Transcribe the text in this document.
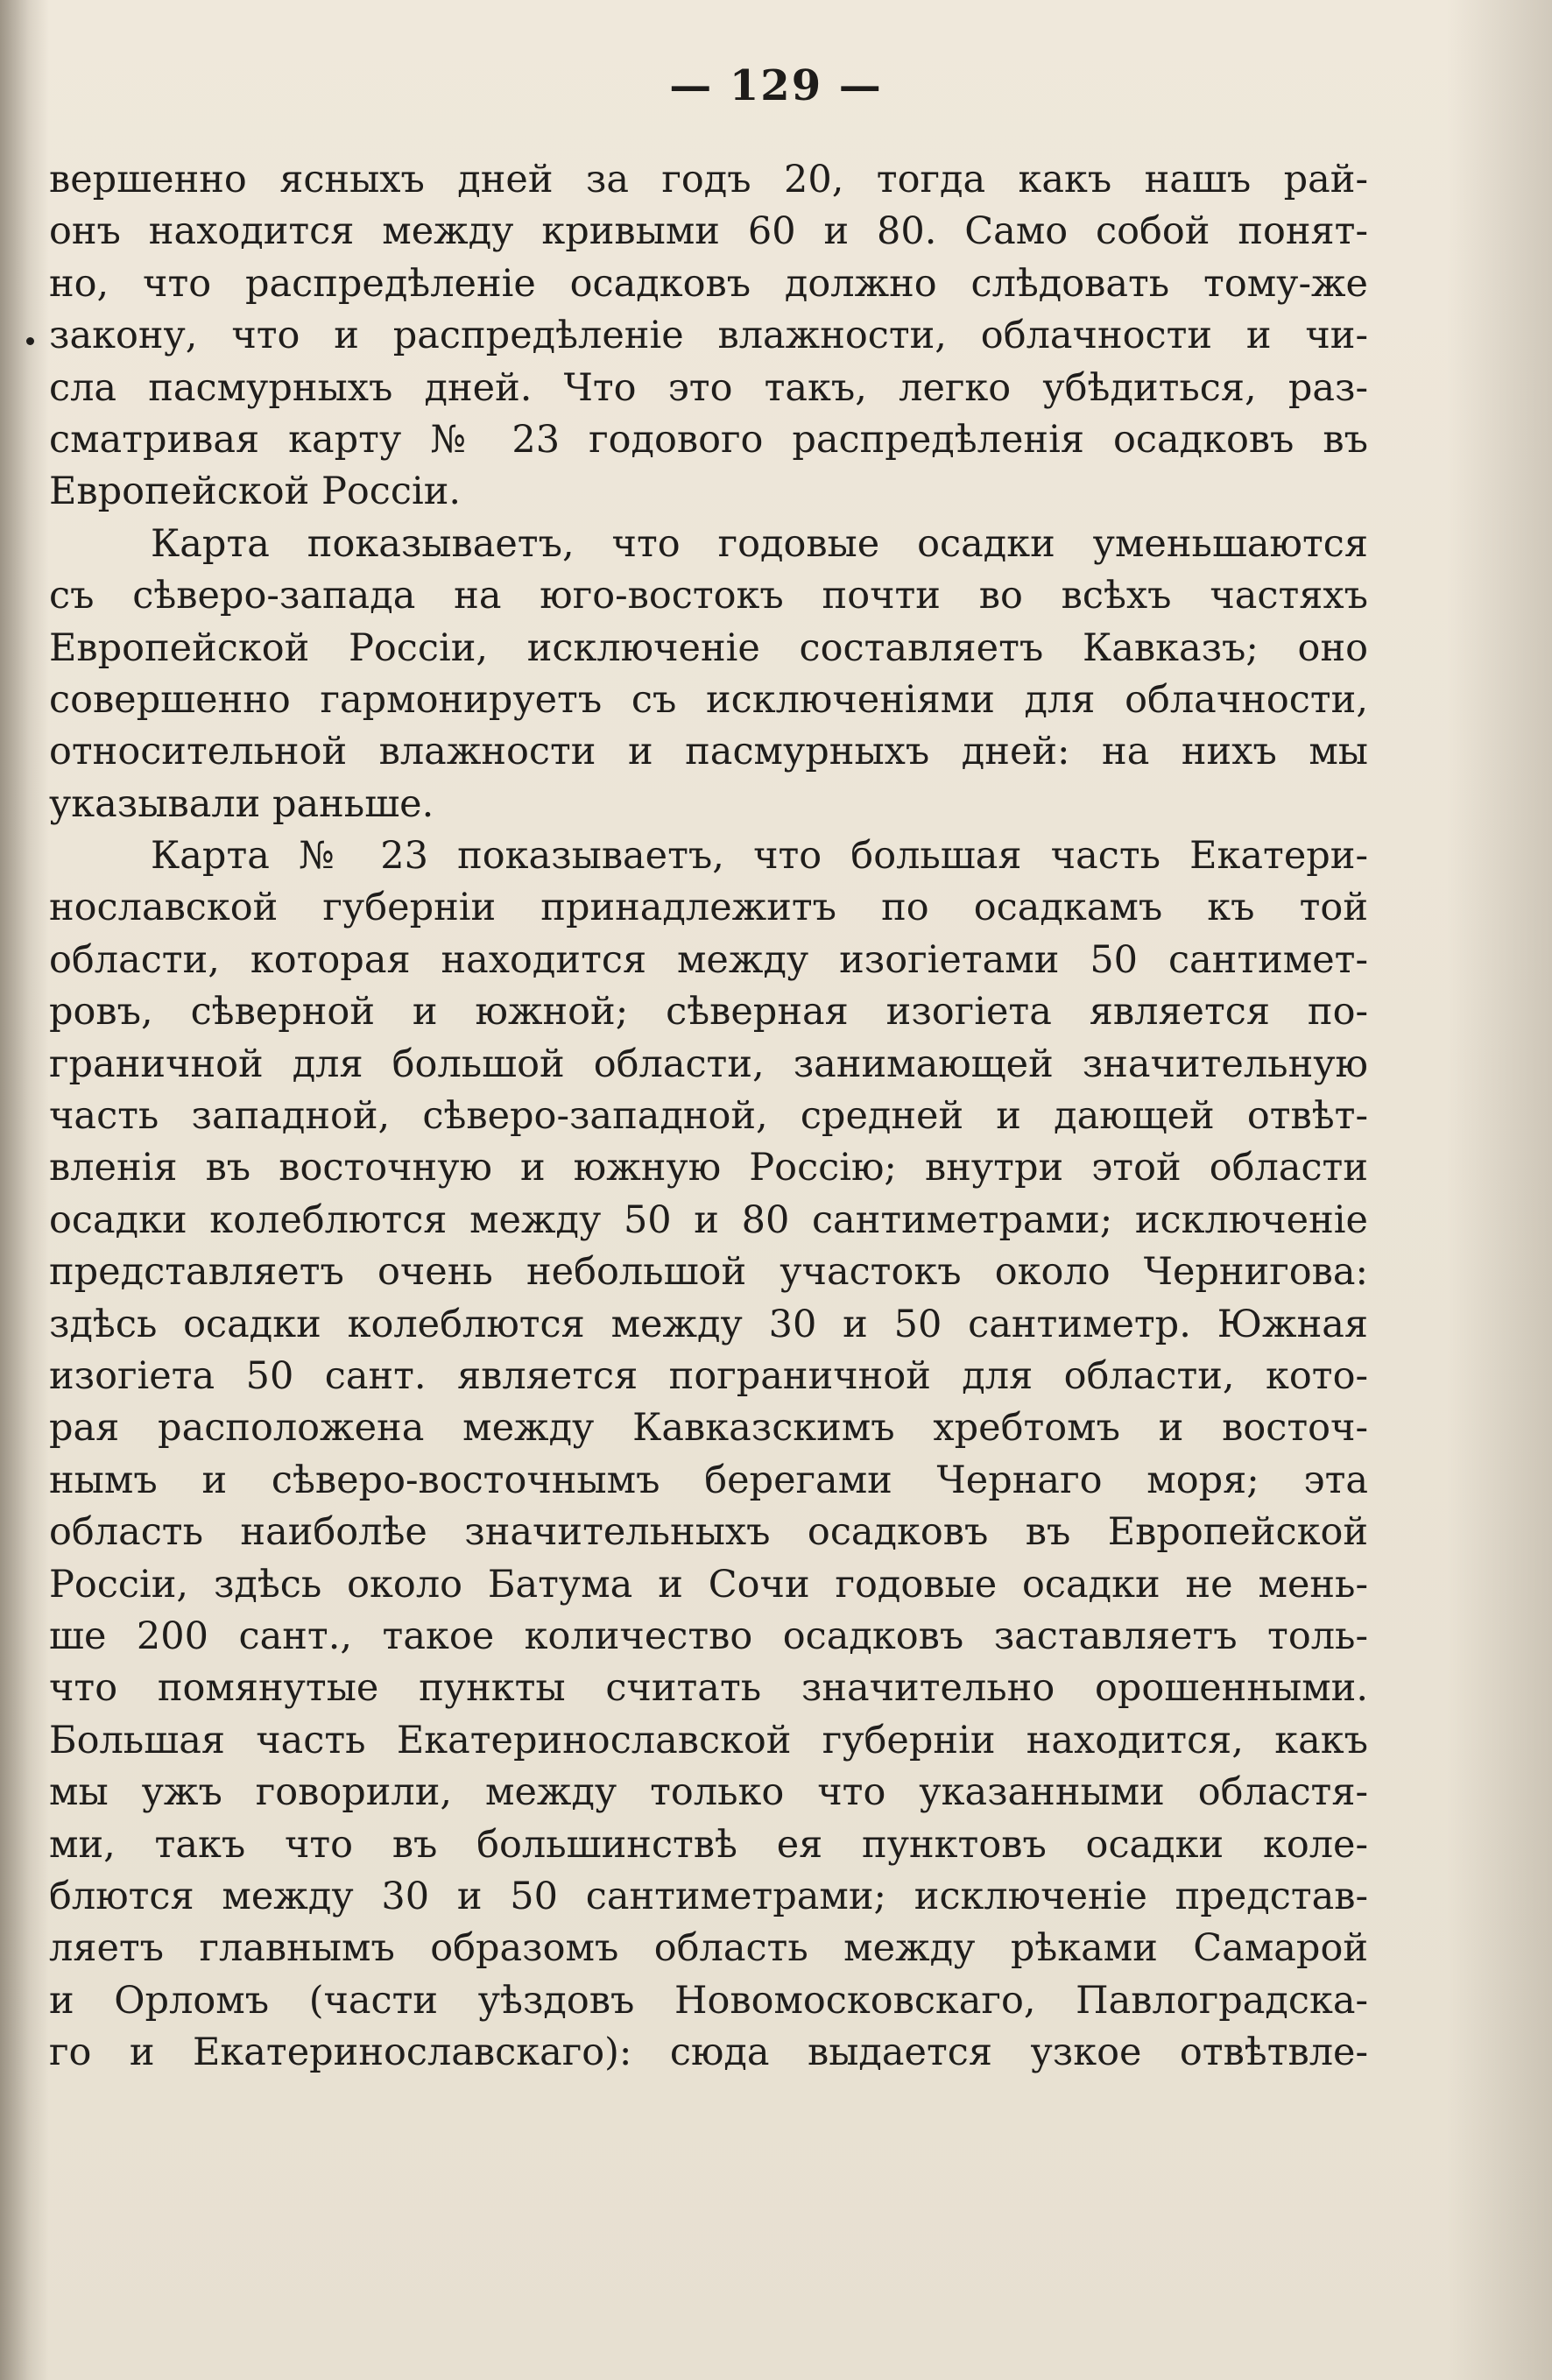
— 129 —
вершенно ясныхъ дней за годъ 20, тогда какъ нашъ рай-
онъ находится между кривыми 60 и 80. Само собой понят-
но, что распредѣленіе осадковъ должно слѣдовать тому-же
закону, что и распредѣленіе влажности, облачности и чи-
сла пасмурныхъ дней. Что это такъ, легко убѣдиться, раз-
сматривая карту № 23 годового распредѣленія осадковъ въ
Европейской Россіи.
Карта показываетъ, что годовые осадки уменьшаются
съ сѣверо-запада на юго-востокъ почти во всѣхъ частяхъ
Европейской Россіи, исключеніе составляетъ Кавказъ; оно
совершенно гармонируетъ съ исключеніями для облачности,
относительной влажности и пасмурныхъ дней: на нихъ мы
указывали раньше.
Карта № 23 показываетъ, что большая часть Екатери-
нославской губерніи принадлежитъ по осадкамъ къ той
области, которая находится между изогіетами 50 сантимет-
ровъ, сѣверной и южной; сѣверная изогіета является по-
граничной для большой области, занимающей значительную
часть западной, сѣверо-западной, средней и дающей отвѣт-
вленія въ восточную и южную Россію; внутри этой области
осадки колеблются между 50 и 80 сантиметрами; исключеніе
представляетъ очень небольшой участокъ около Чернигова:
здѣсь осадки колеблются между 30 и 50 сантиметр. Южная
изогіета 50 сант. является пограничной для области, кото-
рая расположена между Кавказскимъ хребтомъ и восточ-
нымъ и сѣверо-восточнымъ берегами Чернаго моря; эта
область наиболѣе значительныхъ осадковъ въ Европейской
Россіи, здѣсь около Батума и Сочи годовые осадки не мень-
ше 200 сант., такое количество осадковъ заставляетъ толь-
что помянутые пункты считать значительно орошенными.
Большая часть Екатеринославской губерніи находится, какъ
мы ужъ говорили, между только что указанными областя-
ми, такъ что въ большинствѣ ея пунктовъ осадки коле-
блются между 30 и 50 сантиметрами; исключеніе представ-
ляетъ главнымъ образомъ область между рѣками Самарой
и Орломъ (части уѣздовъ Новомосковскаго, Павлоградска-
го и Екатеринославскаго): сюда выдается узкое отвѣтвле-
